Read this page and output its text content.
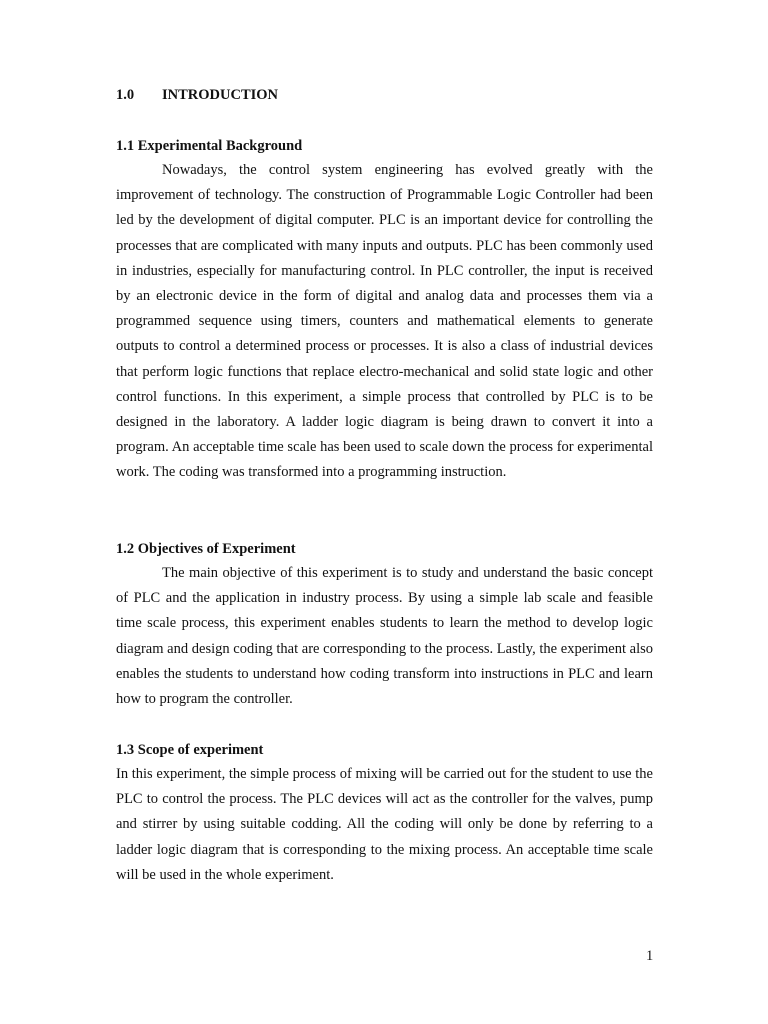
1.0 INTRODUCTION
1.1 Experimental Background

Nowadays, the control system engineering has evolved greatly with the improvement of technology. The construction of Programmable Logic Controller had been led by the development of digital computer. PLC is an important device for controlling the processes that are complicated with many inputs and outputs. PLC has been commonly used in industries, especially for manufacturing control. In PLC controller, the input is received by an electronic device in the form of digital and analog data and processes them via a programmed sequence using timers, counters and mathematical elements to generate outputs to control a determined process or processes. It is also a class of industrial devices that perform logic functions that replace electro-mechanical and solid state logic and other control functions. In this experiment, a simple process that controlled by PLC is to be designed in the laboratory. A ladder logic diagram is being drawn to convert it into a program. An acceptable time scale has been used to scale down the process for experimental work. The coding was transformed into a programming instruction.

1.2 Objectives of Experiment

The main objective of this experiment is to study and understand the basic concept of PLC and the application in industry process. By using a simple lab scale and feasible time scale process, this experiment enables students to learn the method to develop logic diagram and design coding that are corresponding to the process. Lastly, the experiment also enables the students to understand how coding transform into instructions in PLC and learn how to program the controller.

1.3 Scope of experiment

In this experiment, the simple process of mixing will be carried out for the student to use the PLC to control the process. The PLC devices will act as the controller for the valves, pump and stirrer by using suitable codding. All the coding will only be done by referring to a ladder logic diagram that is corresponding to the mixing process. An acceptable time scale will be used in the whole experiment.

1
